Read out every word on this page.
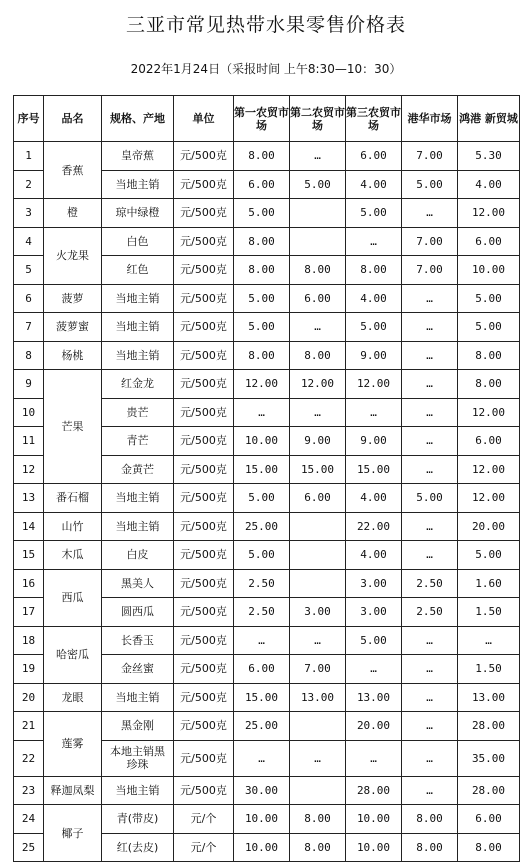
三亚市常见热带水果零售价格表
2022年1月24日（采报时间 上午8:30—10：30）
序号	品名	规格、产地	单位	第一农贸市场	第二农贸市场	第三农贸市场	港华市场	鸿港 新贸城
1	香蕉	皇帝蕉	元/500克	8.00	…	6.00	7.00	5.30
2		当地主销	元/500克	6.00	5.00	4.00	5.00	4.00
3	橙	琼中绿橙	元/500克	5.00		5.00	…	12.00
4	火龙果	白色	元/500克	8.00		…	7.00	6.00
5		红色	元/500克	8.00	8.00	8.00	7.00	10.00
6	菠萝	当地主销	元/500克	5.00	6.00	4.00	…	5.00
7	菠萝蜜	当地主销	元/500克	5.00	…	5.00	…	5.00
8	杨桃	当地主销	元/500克	8.00	8.00	9.00	…	8.00
9	芒果	红金龙	元/500克	12.00	12.00	12.00	…	8.00
10		贵芒	元/500克	…	…	…	…	12.00
11		青芒	元/500克	10.00	9.00	9.00	…	6.00
12		金黄芒	元/500克	15.00	15.00	15.00	…	12.00
13	番石榴	当地主销	元/500克	5.00	6.00	4.00	5.00	12.00
14	山竹	当地主销	元/500克	25.00		22.00	…	20.00
15	木瓜	白皮	元/500克	5.00		4.00	…	5.00
16	西瓜	黑美人	元/500克	2.50		3.00	2.50	1.60
17		圆西瓜	元/500克	2.50	3.00	3.00	2.50	1.50
18	哈密瓜	长香玉	元/500克	…	…	5.00	…	…
19		金丝蜜	元/500克	6.00	7.00	…	…	1.50
20	龙眼	当地主销	元/500克	15.00	13.00	13.00	…	13.00
21	莲雾	黑金刚	元/500克	25.00		20.00	…	28.00
22		本地主销黑珍珠	元/500克	…	…	…	…	35.00
23	释迦凤梨	当地主销	元/500克	30.00		28.00	…	28.00
24	椰子	青(带皮)	元/个	10.00	8.00	10.00	8.00	6.00
25		红(去皮)	元/个	10.00	8.00	10.00	8.00	8.00
